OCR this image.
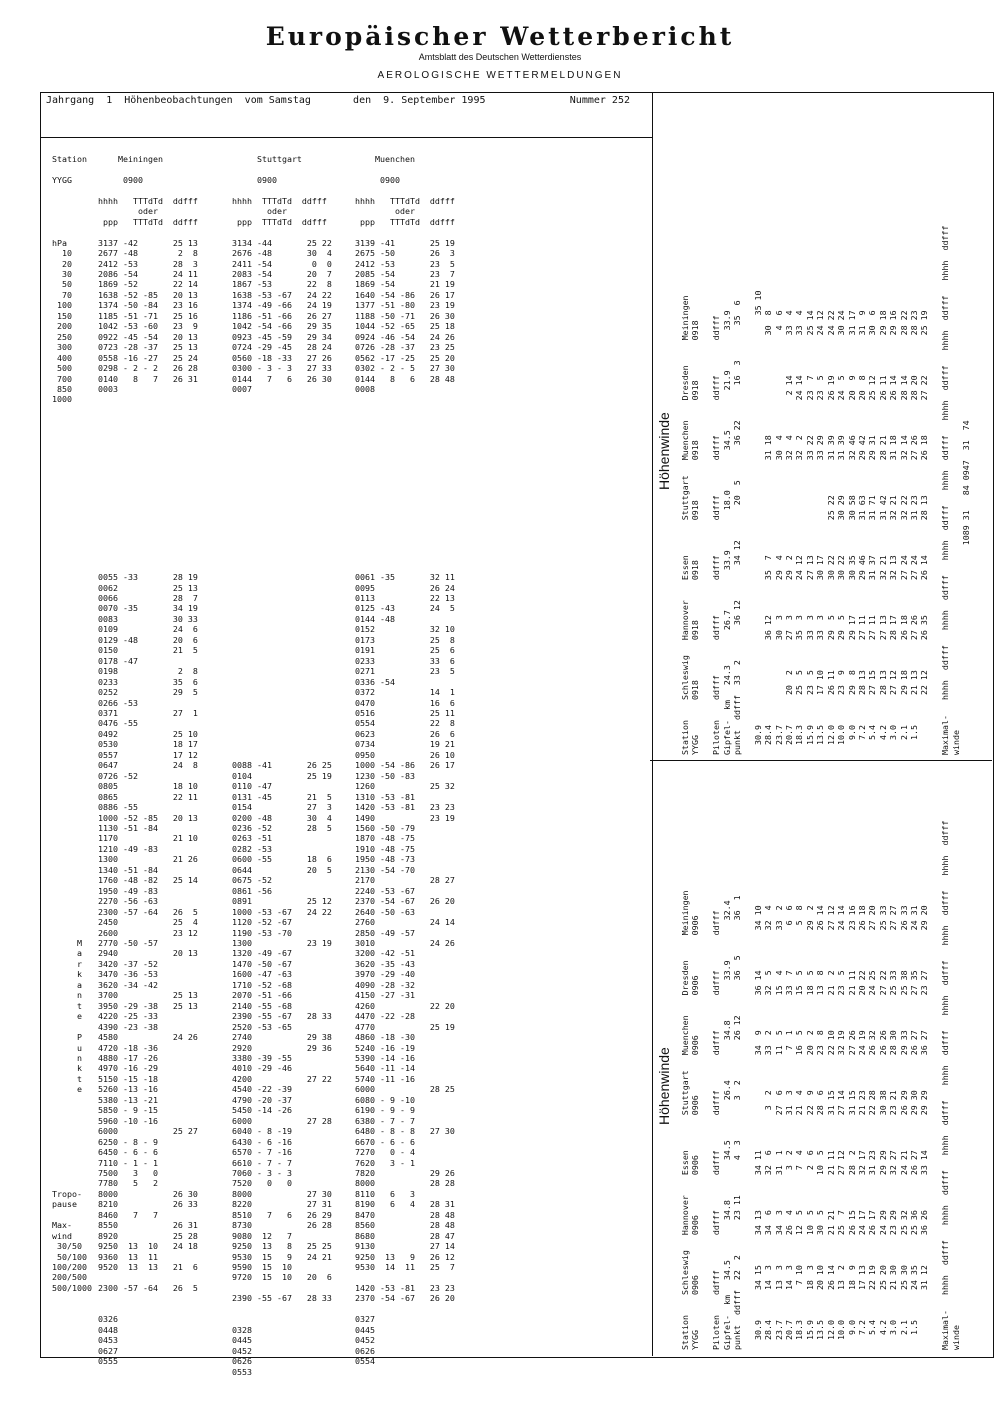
Europäischer Wetterbericht
Amtsblatt des Deutschen Wetterdienstes
AEROLOGISCHE WETTERMELDUNGEN
Jahrgang  1  Höhenbeobachtungen  vom Samstag       den  9. September 1995              Nummer 252
Station

YYGG

hPa
10
20
30
50
70
100
150
200
250
300
400
500
700
850
1000
Meiningen

0900

hhhh   TTTdTd  ddfff
oder
ppp   TTTdTd  ddfff

3137 -42       25 13
2677 -48        2  8
2412 -53       28  3
2086 -54       24 11
1869 -52       22 14
1638 -52 -85   20 13
1374 -50 -84   23 16
1185 -51 -71   25 16
1042 -53 -60   23  9
0922 -45 -54   20 13
0723 -28 -37   25 13
0558 -16 -27   25 24
0298 - 2 - 2   26 28
0140   8   7   26 31
0003
Stuttgart

0900

hhhh  TTTdTd  ddfff
oder
ppp  TTTdTd  ddfff

3134 -44       25 22
2676 -48       30  4
2411 -54        0  0
2083 -54       20  7
1867 -53       22  8
1638 -53 -67   24 22
1374 -49 -66   24 19
1186 -51 -66   26 27
1042 -54 -66   29 35
0923 -45 -59   29 34
0724 -29 -45   28 24
0560 -18 -33   27 26
0300 - 3 - 3   27 33
0144   7   6   26 30
0007
Muenchen

0900

hhhh   TTTdTd  ddfff
oder
ppp   TTTdTd  ddfff

3139 -41       25 19
2675 -50       26  3
2412 -53       23  5
2085 -54       23  7
1869 -54       21 19
1640 -54 -86   26 17
1377 -51 -80   23 19
1188 -50 -71   26 30
1044 -52 -65   25 18
0924 -46 -54   24 26
0726 -28 -37   23 25
0562 -17 -25   25 20
0302 - 2 - 5   27 30
0144   8   6   28 48
0008

M
a
r
k
a
n
t
e

P
u
n
k
t
e

Tropo-
pause

Max-
wind
30/50
50/100
100/200
200/500
500/1000

0055 -33       28 19
0062           25 13
0066           28  7
0070 -35       34 19
0083           30 33
0109           24  6
0129 -48       20  6
0150           21  5
0178 -47
0198            2  8
0233           35  6
0252           29  5
0266 -53
0371           27  1
0476 -55
0492           25 10
0530           18 17
0557           17 12
0647           24  8
0726 -52
0805           18 10
0865           22 11
0886 -55
1000 -52 -85   20 13
1130 -51 -84
1170           21 10
1210 -49 -83
1300           21 26
1340 -51 -84
1760 -48 -82   25 14
1950 -49 -83
2270 -56 -63
2300 -57 -64   26  5
2450           25  4
2600           23 12
2770 -50 -57
2940           20 13
3420 -37 -52
3470 -36 -53
3620 -34 -42
3700           25 13
3950 -29 -38   25 13
4220 -25 -33
4390 -23 -38
4580           24 26
4720 -18 -36
4880 -17 -26
4970 -16 -29
5150 -15 -18
5260 -13 -16
5380 -13 -21
5850 - 9 -15
5960 -10 -16
6000           25 27
6250 - 8 - 9
6450 - 6 - 6
7110 - 1 - 1
7500   3   0
7780   5   2
8000           26 30
8210           26 33
8460   7   7
8550           26 31
8920           25 28
9250  13  10   24 18
9360  13  11
9520  13  13   21  6

2300 -57 -64   26  5

0326
0448
0453
0627
0555

0088 -41       26 25
0104           25 19
0110 -47
0131 -45       21  5
0154           27  3
0200 -48       30  4
0236 -52       28  5
0263 -51
0282 -53
0600 -55       18  6
0644           20  5
0675 -52
0861 -56
0891           25 12
1000 -53 -67   24 22
1120 -52 -67
1190 -53 -70
1300           23 19
1320 -49 -67
1470 -50 -67
1600 -47 -63
1710 -52 -68
2070 -51 -66
2140 -55 -68
2390 -55 -67   28 33
2520 -53 -65
2740           29 38
2920           29 36
3380 -39 -55
4010 -29 -46
4200           27 22
4540 -22 -39
4790 -20 -37
5450 -14 -26
6000           27 28
6040 - 8 -19
6430 - 6 -16
6570 - 7 -16
6610 - 7 - 7
7060 - 3 - 3
7520   0   0
8000           27 30
8220           27 31
8510   7   6   26 29
8730           26 28
9080  12   7
9250  13   8   25 25
9530  15   9   24 21
9590  15  10
9720  15  10   20  6

2390 -55 -67   28 33

0328
0445
0452
0626
0553

0061 -35       32 11
0095           26 24
0113           22 13
0125 -43       24  5
0144 -48
0152           32 10
0173           25  8
0191           25  6
0233           33  6
0271           23  5
0336 -54
0372           14  1
0470           16  6
0516           25 11
0554           22  8
0623           26  6
0734           19 21
0950           26 10
1000 -54 -86   26 17
1230 -50 -83
1260           25 32
1310 -53 -81
1420 -53 -81   23 23
1490           23 19
1560 -50 -79
1870 -48 -75
1910 -48 -75
1950 -48 -73
2130 -54 -70
2170           28 27
2240 -53 -67
2370 -54 -67   26 20
2640 -50 -63
2760           24 14
2850 -49 -57
3010           24 26
3200 -42 -51
3620 -35 -43
3970 -29 -40
4090 -28 -32
4150 -27 -31
4260           22 20
4470 -22 -28
4770           25 19
4860 -18 -30
5240 -16 -19
5390 -14 -16
5640 -11 -14
5740 -11 -16
6000           28 25
6080 - 9 -10
6190 - 9 - 9
6380 - 7 - 7
6480 - 8 - 8   27 30
6670 - 6 - 6
7270   0 - 4
7620   3 - 1
7820           29 26
8000           28 28
8110   6   3
8190   6   4   28 31
8470           28 48
8560           28 48
8680           28 47
9130           27 14
9250  13   9   26 12
9530  14  11   25  7

1420 -53 -81   23 23
2370 -54 -67   26 20

0327
0445
0452
0626
0554
Höhenwinde
Station    Schleswig   Hannover    Essen       Stuttgart   Muenchen    Dresden     Meiningen
YYGG       0918        0918        0918        0918        0918        0918        0918

Piloten    ddfff       ddfff       ddfff       ddfff       ddfff       ddfff       ddfff
Gipfel-  km   24.3       26.7        33.9        18.0        34.5        21.9        33.9
punkt  ddfff  33  2       36 12       34 12       20  5       36 22       16  3       35  6

30.9                                                                                  35 10
28.4                 36 12       35  7                   31 18                    30  8
23.7                 30  3       29  4                   30  4                     4  6
20.7      20  2      27  3       29  2                   32  4        2 14        33  4
18.3      25  5      35  3       24 12                   32  2       24 14        33  4
15.9      23  5      33  3       27 13                   33 22       23  7        25 14
13.5      17 10      33  3       30 17                   33 29       23  5        24 12
12.0      26 11      29  5       30 22       25 22       31 39       26 19        24 22
10.0      23  9      29  5       30 22       30 29       31 39       24  5        30 24
9.0      29  8      29 17       30 35       30 58       32 46       20  9        31 17
7.2      28 13      27 11       29 46       31 63       29 42       20  8        31  9
5.4      27 15      27 11       31 37       31 71       29 31       25 12        30  6
4.2      28 13      27 13       32 21       31 42       28 21       26 11        29 18
3.0      27 12      28 17       32 13       32 21       31 18       26 14        29 16
2.1      29 18      26 18       27 24       32 22       32 14       28 14        28 22
1.5      21 13      27 26       27 24       31 23       27 26       28 20        28 23
22 12      26 35       26 14       28 13       26 18       27 22        25 19

Maximal-   hhhh  ddfff   hhhh  ddfff   hhhh  ddfff   hhhh  ddfff   hhhh  ddfff   hhhh  ddfff   hhhh  ddfff
winde
1089 31   84 0947  31  74
Höhenwinde
Station    Schleswig   Hannover    Essen       Stuttgart   Muenchen    Dresden     Meiningen
YYGG       0906        0906        0906        0906        0906        0906        0906

Piloten    ddfff       ddfff       ddfff       ddfff       ddfff       ddfff       ddfff
Gipfel-  km   34.5        34.8        34.5        26.4        34.8        33.9        32.4
punkt  ddfff  22  2       23 11       4  3        3  2        26 12       36  5       36  1

30.9      34 15      34 13       34 11                   34  9       36 14        34 10
28.4      14  3      34  6       32  6        3  2       33  2       32  5        32  4
23.7      13  3      34  3       31  1       27  6       11  5       15  4        33  2
20.7      14  3      26  4        3  2       31  3        7  1       33  7         6  6
18.3       7 10      12  5        7  4       21  4       16  5       15  5         5  8
15.9      18  3      10  5        2  6       22  9       20  2       18  5        29  2
13.5      20 10      30  5       10  5       28  6       23  8       13  8        26 14
12.0      26 14      21 21       21 11       31 15       22 10       21  2        27 12
10.0      13  2      25  7       27 12       27 14       32 19       23  5        24 14
9.0      18  9      26 15       28  2       31 15       27 26       21 11        23 16
7.2      17 13      24 17       32 17       21 23       24 19       20 22        26 18
5.4      22 19      26 17       31 23       22 28       26 32       24 25        27 20
4.2      25 20      24 29       29 29       30 38       26 26       27 22        25 33
3.0      21 30      23 29       32 27       23 21       28 30       25 33        27 27
2.1      25 30      25 32       24 21       26 29       29 33       25 38        26 33
1.5      24 35      25 36       26 27       29 30       26 27       27 35        24 31
31 12      36 26       33 14       29 29       36 27       23 27        29 20

Maximal-   hhhh  ddfff   hhhh  ddfff   hhhh  ddfff   hhhh  ddfff   hhhh  ddfff   hhhh  ddfff   hhhh  ddfff
winde
